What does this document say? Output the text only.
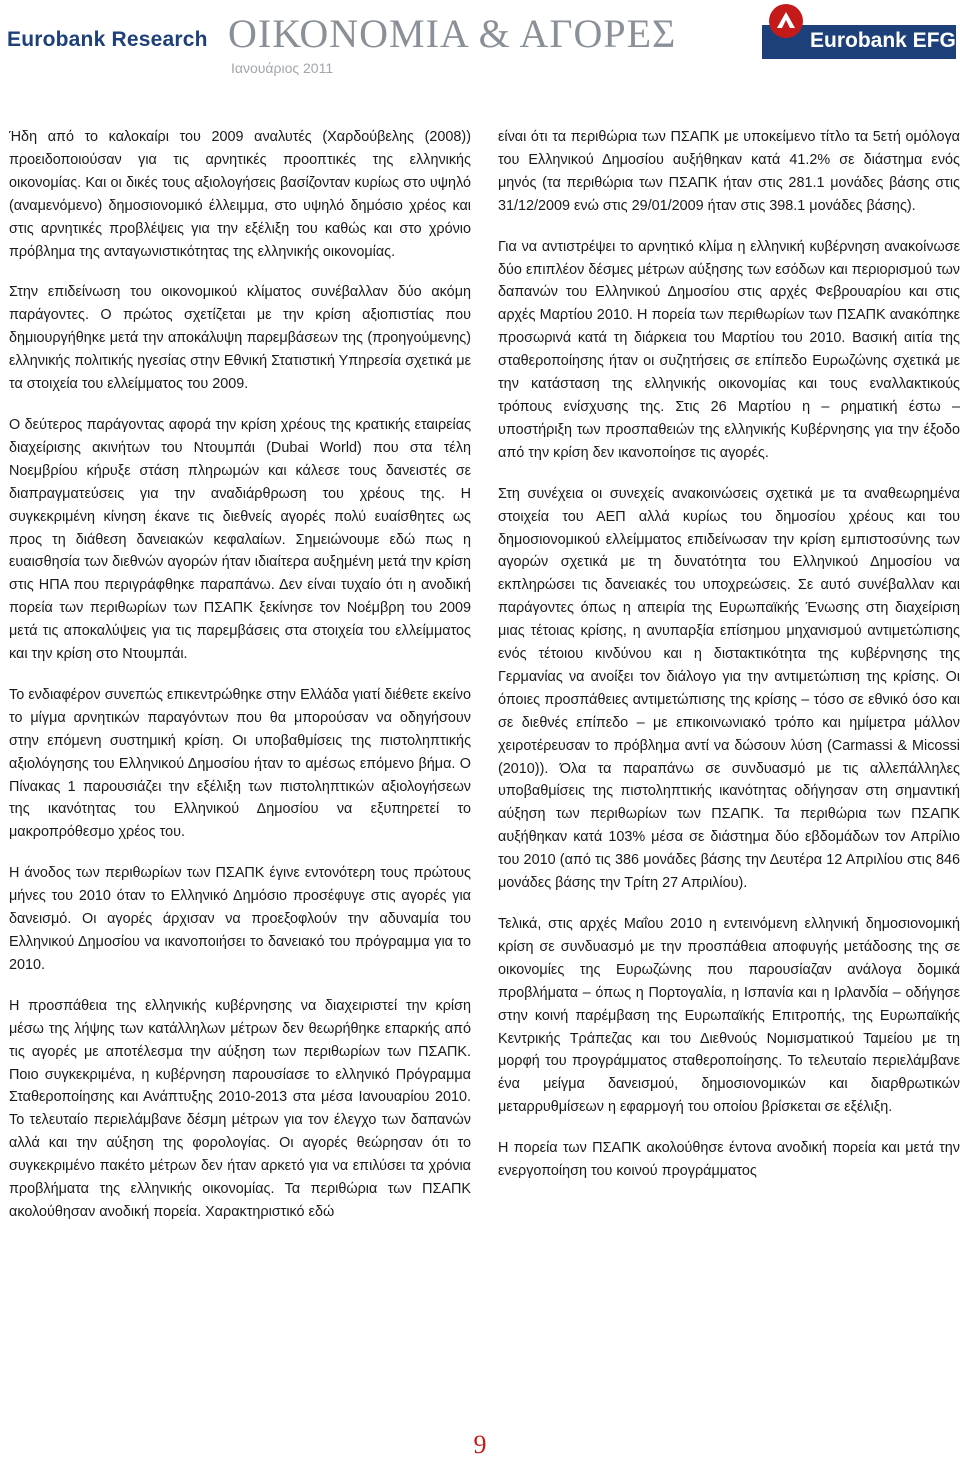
Eurobank Research ΟΙΚΟΝΟΜΙΑ & ΑΓΟΡΕΣ
Ιανουάριος 2011
Eurobank EFG

Ήδη από το καλοκαίρι του 2009 αναλυτές (Χαρδούβελης (2008)) προειδοποιούσαν για τις αρνητικές προοπτικές της ελληνικής οικονομίας. Και οι δικές τους αξιολογήσεις βασίζονταν κυρίως στο υψηλό (αναμενόμενο) δημοσιονομικό έλλειμμα, στο υψηλό δημόσιο χρέος και στις αρνητικές προβλέψεις για την εξέλιξη του καθώς και στο χρόνιο πρόβλημα της ανταγωνιστικότητας της ελληνικής οικονομίας.

Στην επιδείνωση του οικονομικού κλίματος συνέβαλλαν δύο ακόμη παράγοντες. Ο πρώτος σχετίζεται με την κρίση αξιοπιστίας που δημιουργήθηκε μετά την αποκάλυψη παρεμβάσεων της (προηγούμενης) ελληνικής πολιτικής ηγεσίας στην Εθνική Στατιστική Υπηρεσία σχετικά με τα στοιχεία του ελλείμματος του 2009.

Ο δεύτερος παράγοντας αφορά την κρίση χρέους της κρατικής εταιρείας διαχείρισης ακινήτων του Ντουμπάι (Dubai World) που στα τέλη Νοεμβρίου κήρυξε στάση πληρωμών και κάλεσε τους δανειστές σε διαπραγματεύσεις για την αναδιάρθρωση του χρέους της. Η συγκεκριμένη κίνηση έκανε τις διεθνείς αγορές πολύ ευαίσθητες ως προς τη διάθεση δανειακών κεφαλαίων. Σημειώνουμε εδώ πως η ευαισθησία των διεθνών αγορών ήταν ιδιαίτερα αυξημένη μετά την κρίση στις ΗΠΑ που περιγράφθηκε παραπάνω. Δεν είναι τυχαίο ότι η ανοδική πορεία των περιθωρίων των ΠΣΑΠΚ ξεκίνησε τον Νοέμβρη του 2009 μετά τις αποκαλύψεις για τις παρεμβάσεις στα στοιχεία του ελλείμματος και την κρίση στο Ντουμπάι.

Το ενδιαφέρον συνεπώς επικεντρώθηκε στην Ελλάδα γιατί διέθετε εκείνο το μίγμα αρνητικών παραγόντων που θα μπορούσαν να οδηγήσουν στην επόμενη συστημική κρίση. Οι υποβαθμίσεις της πιστοληπτικής αξιολόγησης του Ελληνικού Δημοσίου ήταν το αμέσως επόμενο βήμα. Ο Πίνακας 1 παρουσιάζει την εξέλιξη των πιστοληπτικών αξιολογήσεων της ικανότητας του Ελληνικού Δημοσίου να εξυπηρετεί το μακροπρόθεσμο χρέος του.

Η άνοδος των περιθωρίων των ΠΣΑΠΚ έγινε εντονότερη τους πρώτους μήνες του 2010 όταν το Ελληνικό Δημόσιο προσέφυγε στις αγορές για δανεισμό. Οι αγορές άρχισαν να προεξοφλούν την αδυναμία του Ελληνικού Δημοσίου να ικανοποιήσει το δανειακό του πρόγραμμα για το 2010.

Η προσπάθεια της ελληνικής κυβέρνησης να διαχειριστεί την κρίση μέσω της λήψης των κατάλληλων μέτρων δεν θεωρήθηκε επαρκής από τις αγορές με αποτέλεσμα την αύξηση των περιθωρίων των ΠΣΑΠΚ. Ποιο συγκεκριμένα, η κυβέρνηση παρουσίασε το ελληνικό Πρόγραμμα Σταθεροποίησης και Ανάπτυξης 2010-2013 στα μέσα Ιανουαρίου 2010. Το τελευταίο περιελάμβανε δέσμη μέτρων για τον έλεγχο των δαπανών αλλά και την αύξηση της φορολογίας. Οι αγορές θεώρησαν ότι το συγκεκριμένο πακέτο μέτρων δεν ήταν αρκετό για να επιλύσει τα χρόνια προβλήματα της ελληνικής οικονομίας. Τα περιθώρια των ΠΣΑΠΚ ακολούθησαν ανοδική πορεία. Χαρακτηριστικό εδώ

είναι ότι τα περιθώρια των ΠΣΑΠΚ με υποκείμενο τίτλο τα 5ετή ομόλογα του Ελληνικού Δημοσίου αυξήθηκαν κατά 41.2% σε διάστημα ενός μηνός (τα περιθώρια των ΠΣΑΠΚ ήταν στις 281.1 μονάδες βάσης στις 31/12/2009 ενώ στις 29/01/2009 ήταν στις 398.1 μονάδες βάσης).

Για να αντιστρέψει το αρνητικό κλίμα η ελληνική κυβέρνηση ανακοίνωσε δύο επιπλέον δέσμες μέτρων αύξησης των εσόδων και περιορισμού των δαπανών του Ελληνικού Δημοσίου στις αρχές Φεβρουαρίου και στις αρχές Μαρτίου 2010. Η πορεία των περιθωρίων των ΠΣΑΠΚ ανακόπηκε προσωρινά κατά τη διάρκεια του Μαρτίου του 2010. Βασική αιτία της σταθεροποίησης ήταν οι συζητήσεις σε επίπεδο Ευρωζώνης σχετικά με την κατάσταση της ελληνικής οικονομίας και τους εναλλακτικούς τρόπους ενίσχυσης της. Στις 26 Μαρτίου η – ρηματική έστω – υποστήριξη των προσπαθειών της ελληνικής Κυβέρνησης για την έξοδο από την κρίση δεν ικανοποίησε τις αγορές.

Στη συνέχεια οι συνεχείς ανακοινώσεις σχετικά με τα αναθεωρημένα στοιχεία του ΑΕΠ αλλά κυρίως του δημοσίου χρέους και του δημοσιονομικού ελλείμματος επιδείνωσαν την κρίση εμπιστοσύνης των αγορών σχετικά με τη δυνατότητα του Ελληνικού Δημοσίου να εκπληρώσει τις δανειακές του υποχρεώσεις. Σε αυτό συνέβαλλαν και παράγοντες όπως η απειρία της Ευρωπαϊκής Ένωσης στη διαχείριση μιας τέτοιας κρίσης, η ανυπαρξία επίσημου μηχανισμού αντιμετώπισης ενός τέτοιου κινδύνου και η διστακτικότητα της κυβέρνησης της Γερμανίας να ανοίξει τον διάλογο για την αντιμετώπιση της κρίσης. Οι όποιες προσπάθειες αντιμετώπισης της κρίσης – τόσο σε εθνικό όσο και σε διεθνές επίπεδο – με επικοινωνιακό τρόπο και ημίμετρα μάλλον χειροτέρευσαν το πρόβλημα αντί να δώσουν λύση (Carmassi & Micossi (2010)). Όλα τα παραπάνω σε συνδυασμό με τις αλλεπάλληλες υποβαθμίσεις της πιστοληπτικής ικανότητας οδήγησαν στη σημαντική αύξηση των περιθωρίων των ΠΣΑΠΚ. Τα περιθώρια των ΠΣΑΠΚ αυξήθηκαν κατά 103% μέσα σε διάστημα δύο εβδομάδων τον Απρίλιο του 2010 (από τις 386 μονάδες βάσης την Δευτέρα 12 Απριλίου στις 846 μονάδες βάσης την Τρίτη 27 Απριλίου).

Τελικά, στις αρχές Μαΐου 2010 η εντεινόμενη ελληνική δημοσιονομική κρίση σε συνδυασμό με την προσπάθεια αποφυγής μετάδοσης της σε οικονομίες της Ευρωζώνης που παρουσίαζαν ανάλογα δομικά προβλήματα – όπως η Πορτογαλία, η Ισπανία και η Ιρλανδία – οδήγησε στην κοινή παρέμβαση της Ευρωπαϊκής Επιτροπής, της Ευρωπαϊκής Κεντρικής Τράπεζας και του Διεθνούς Νομισματικού Ταμείου με τη μορφή του προγράμματος σταθεροποίησης. Το τελευταίο περιελάμβανε ένα μείγμα δανεισμού, δημοσιονομικών και διαρθρωτικών μεταρρυθμίσεων η εφαρμογή του οποίου βρίσκεται σε εξέλιξη.

Η πορεία των ΠΣΑΠΚ ακολούθησε έντονα ανοδική πορεία και μετά την ενεργοποίηση του κοινού προγράμματος

9
